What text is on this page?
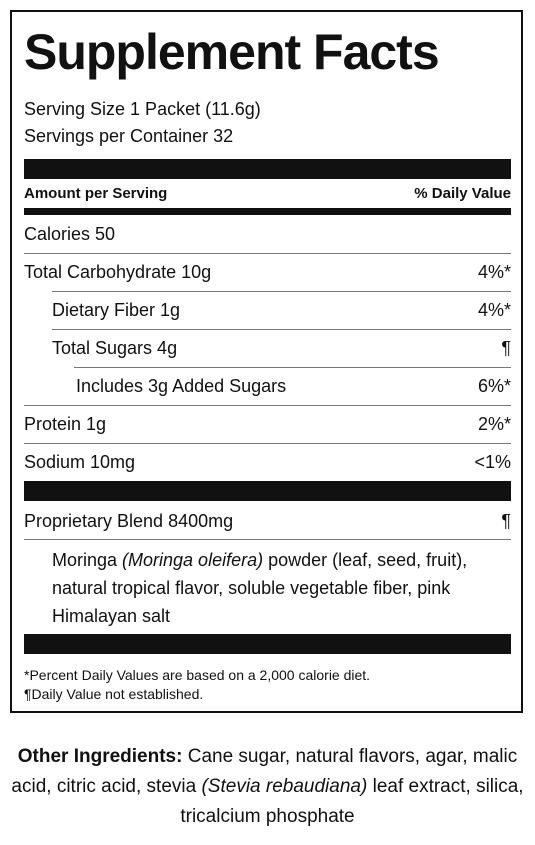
Supplement Facts
Serving Size 1 Packet (11.6g)
Servings per Container 32
Amount per Serving	% Daily Value
Calories 50
Total Carbohydrate 10g	4%*
Dietary Fiber 1g	4%*
Total Sugars 4g	¶
Includes 3g Added Sugars	6%*
Protein 1g	2%*
Sodium 10mg	<1%
Proprietary Blend 8400mg	¶
Moringa (Moringa oleifera) powder (leaf, seed, fruit), natural tropical flavor, soluble vegetable fiber, pink Himalayan salt
*Percent Daily Values are based on a 2,000 calorie diet.
¶Daily Value not established.
Other Ingredients: Cane sugar, natural flavors, agar, malic acid, citric acid, stevia (Stevia rebaudiana) leaf extract, silica, tricalcium phosphate
